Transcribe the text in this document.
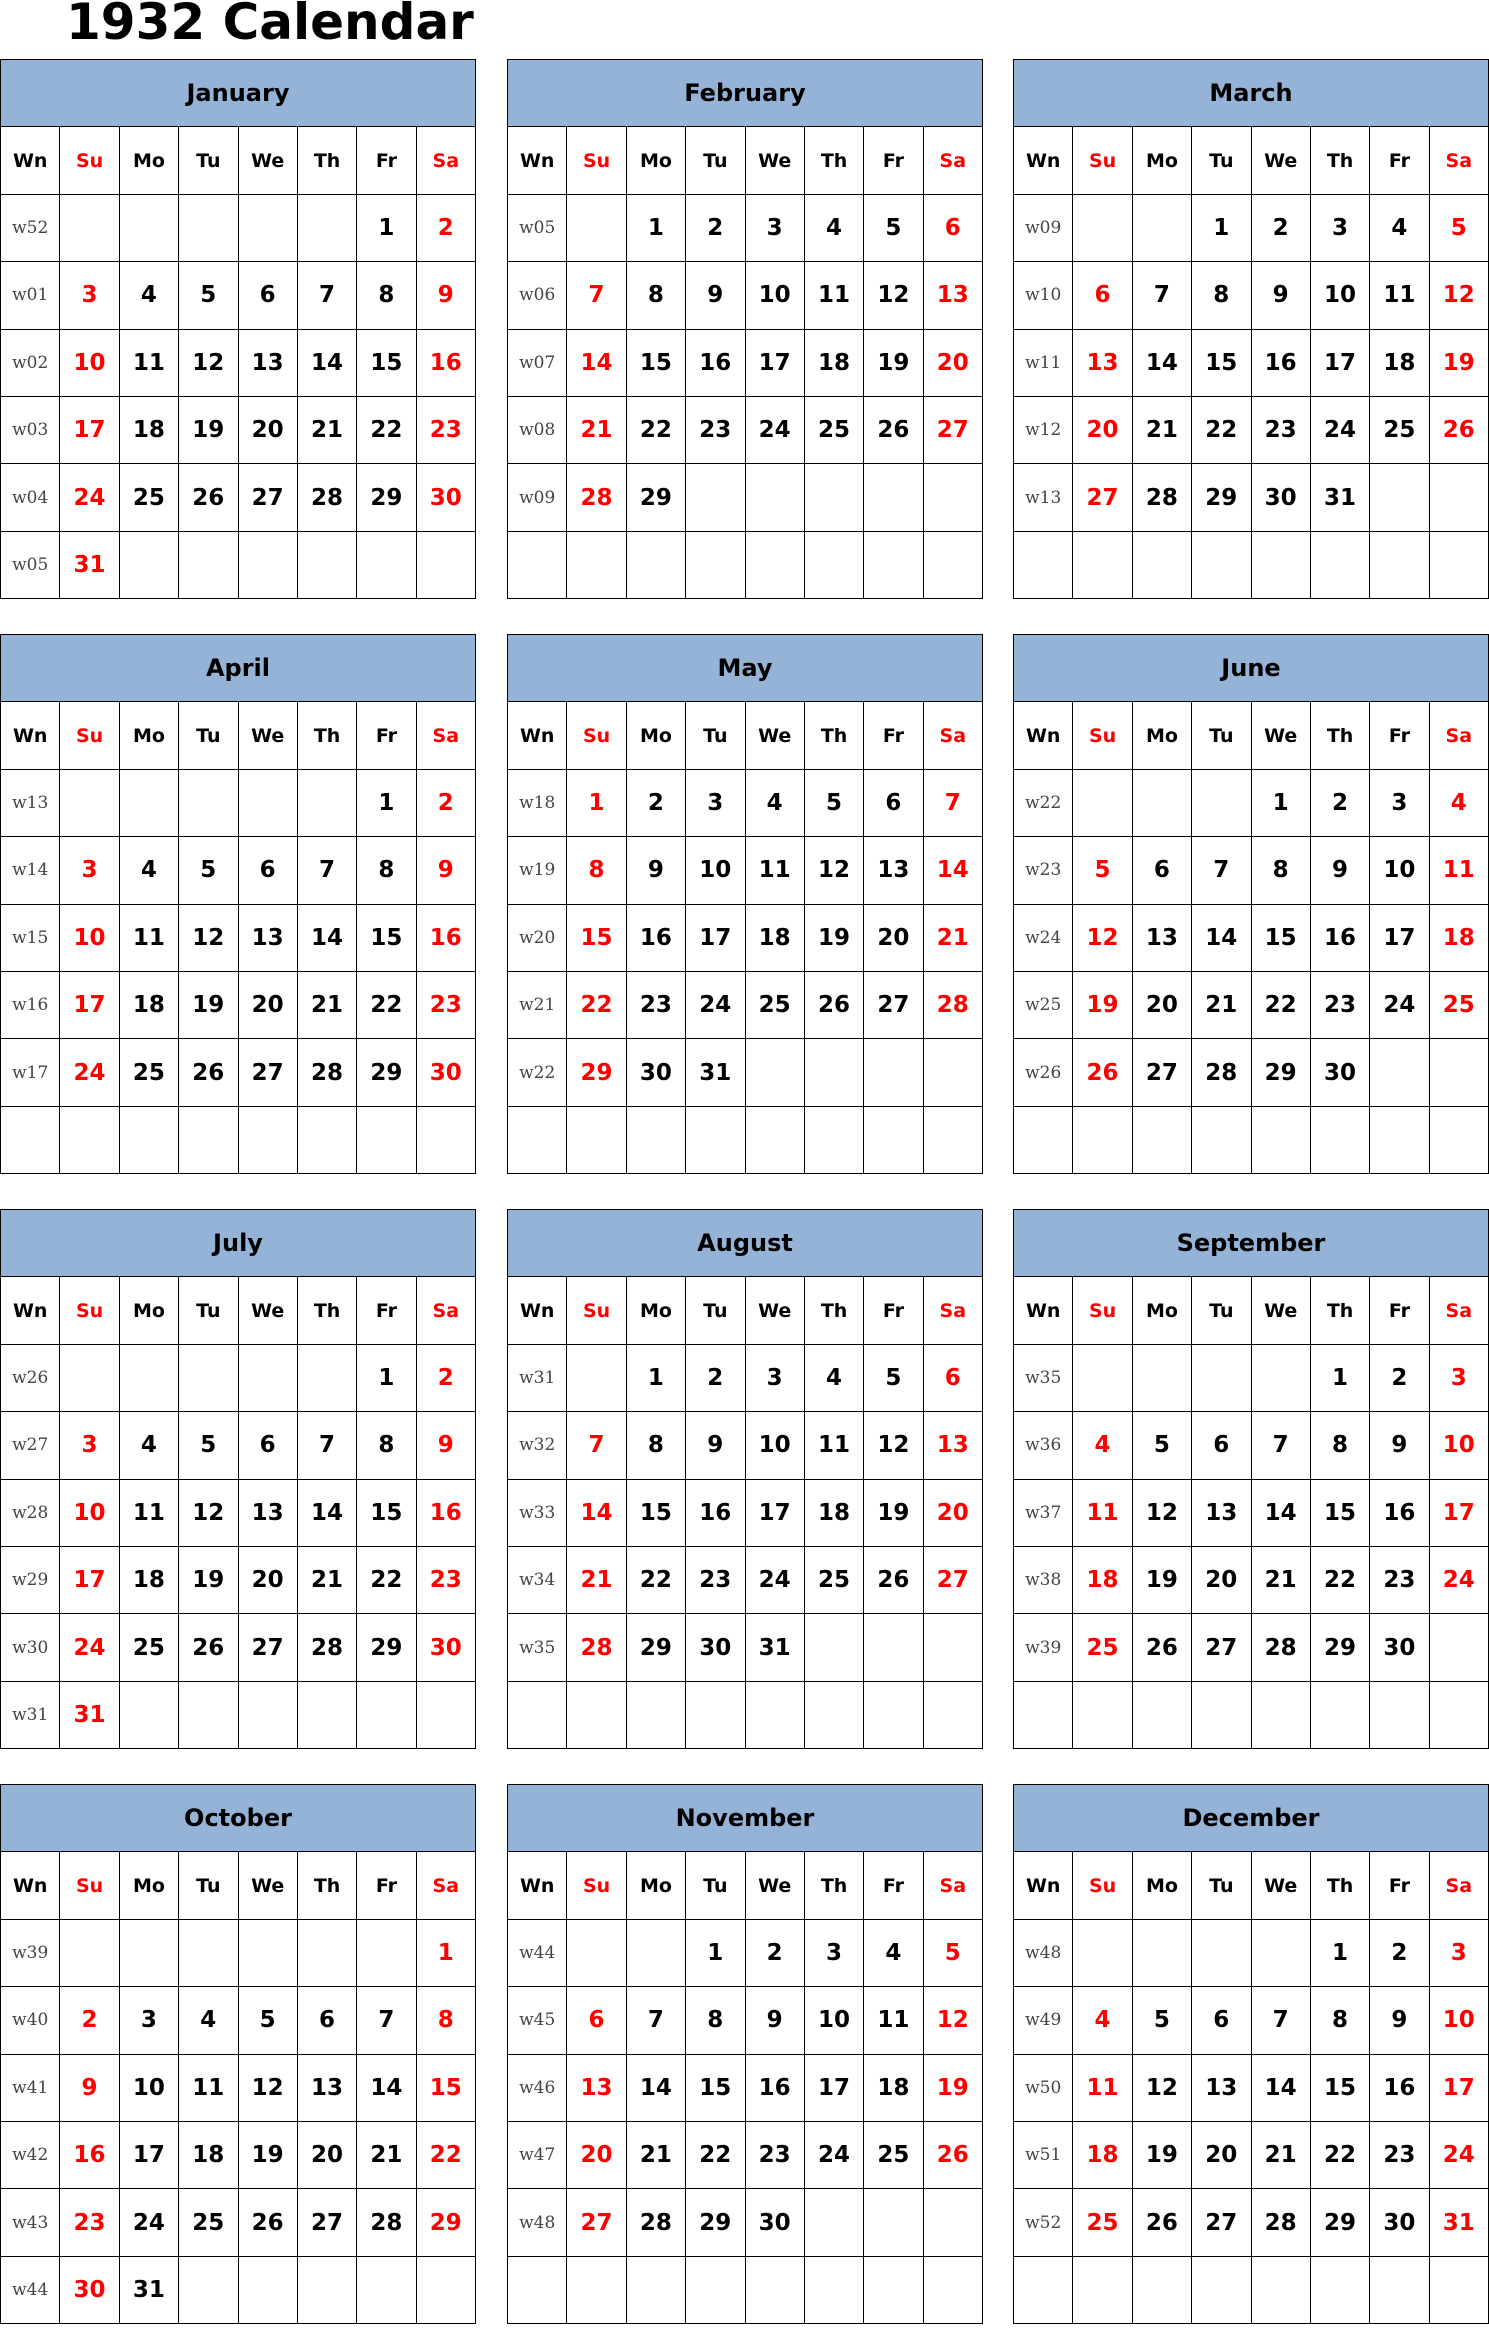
1932 Calendar
January							
Wn	Su	Mo	Tu	We	Th	Fr	Sa
w52						1	2
w01	3	4	5	6	7	8	9
w02	10	11	12	13	14	15	16
w03	17	18	19	20	21	22	23
w04	24	25	26	27	28	29	30
w05	31						
February							
Wn	Su	Mo	Tu	We	Th	Fr	Sa
w05		1	2	3	4	5	6
w06	7	8	9	10	11	12	13
w07	14	15	16	17	18	19	20
w08	21	22	23	24	25	26	27
w09	28	29					

March							
Wn	Su	Mo	Tu	We	Th	Fr	Sa
w09			1	2	3	4	5
w10	6	7	8	9	10	11	12
w11	13	14	15	16	17	18	19
w12	20	21	22	23	24	25	26
w13	27	28	29	30	31		

April							
Wn	Su	Mo	Tu	We	Th	Fr	Sa
w13						1	2
w14	3	4	5	6	7	8	9
w15	10	11	12	13	14	15	16
w16	17	18	19	20	21	22	23
w17	24	25	26	27	28	29	30

May							
Wn	Su	Mo	Tu	We	Th	Fr	Sa
w18	1	2	3	4	5	6	7
w19	8	9	10	11	12	13	14
w20	15	16	17	18	19	20	21
w21	22	23	24	25	26	27	28
w22	29	30	31				

June							
Wn	Su	Mo	Tu	We	Th	Fr	Sa
w22				1	2	3	4
w23	5	6	7	8	9	10	11
w24	12	13	14	15	16	17	18
w25	19	20	21	22	23	24	25
w26	26	27	28	29	30		

July							
Wn	Su	Mo	Tu	We	Th	Fr	Sa
w26						1	2
w27	3	4	5	6	7	8	9
w28	10	11	12	13	14	15	16
w29	17	18	19	20	21	22	23
w30	24	25	26	27	28	29	30
w31	31						
August							
Wn	Su	Mo	Tu	We	Th	Fr	Sa
w31		1	2	3	4	5	6
w32	7	8	9	10	11	12	13
w33	14	15	16	17	18	19	20
w34	21	22	23	24	25	26	27
w35	28	29	30	31			

September							
Wn	Su	Mo	Tu	We	Th	Fr	Sa
w35					1	2	3
w36	4	5	6	7	8	9	10
w37	11	12	13	14	15	16	17
w38	18	19	20	21	22	23	24
w39	25	26	27	28	29	30	

October							
Wn	Su	Mo	Tu	We	Th	Fr	Sa
w39							1
w40	2	3	4	5	6	7	8
w41	9	10	11	12	13	14	15
w42	16	17	18	19	20	21	22
w43	23	24	25	26	27	28	29
w44	30	31					
November							
Wn	Su	Mo	Tu	We	Th	Fr	Sa
w44			1	2	3	4	5
w45	6	7	8	9	10	11	12
w46	13	14	15	16	17	18	19
w47	20	21	22	23	24	25	26
w48	27	28	29	30			

December							
Wn	Su	Mo	Tu	We	Th	Fr	Sa
w48					1	2	3
w49	4	5	6	7	8	9	10
w50	11	12	13	14	15	16	17
w51	18	19	20	21	22	23	24
w52	25	26	27	28	29	30	31
